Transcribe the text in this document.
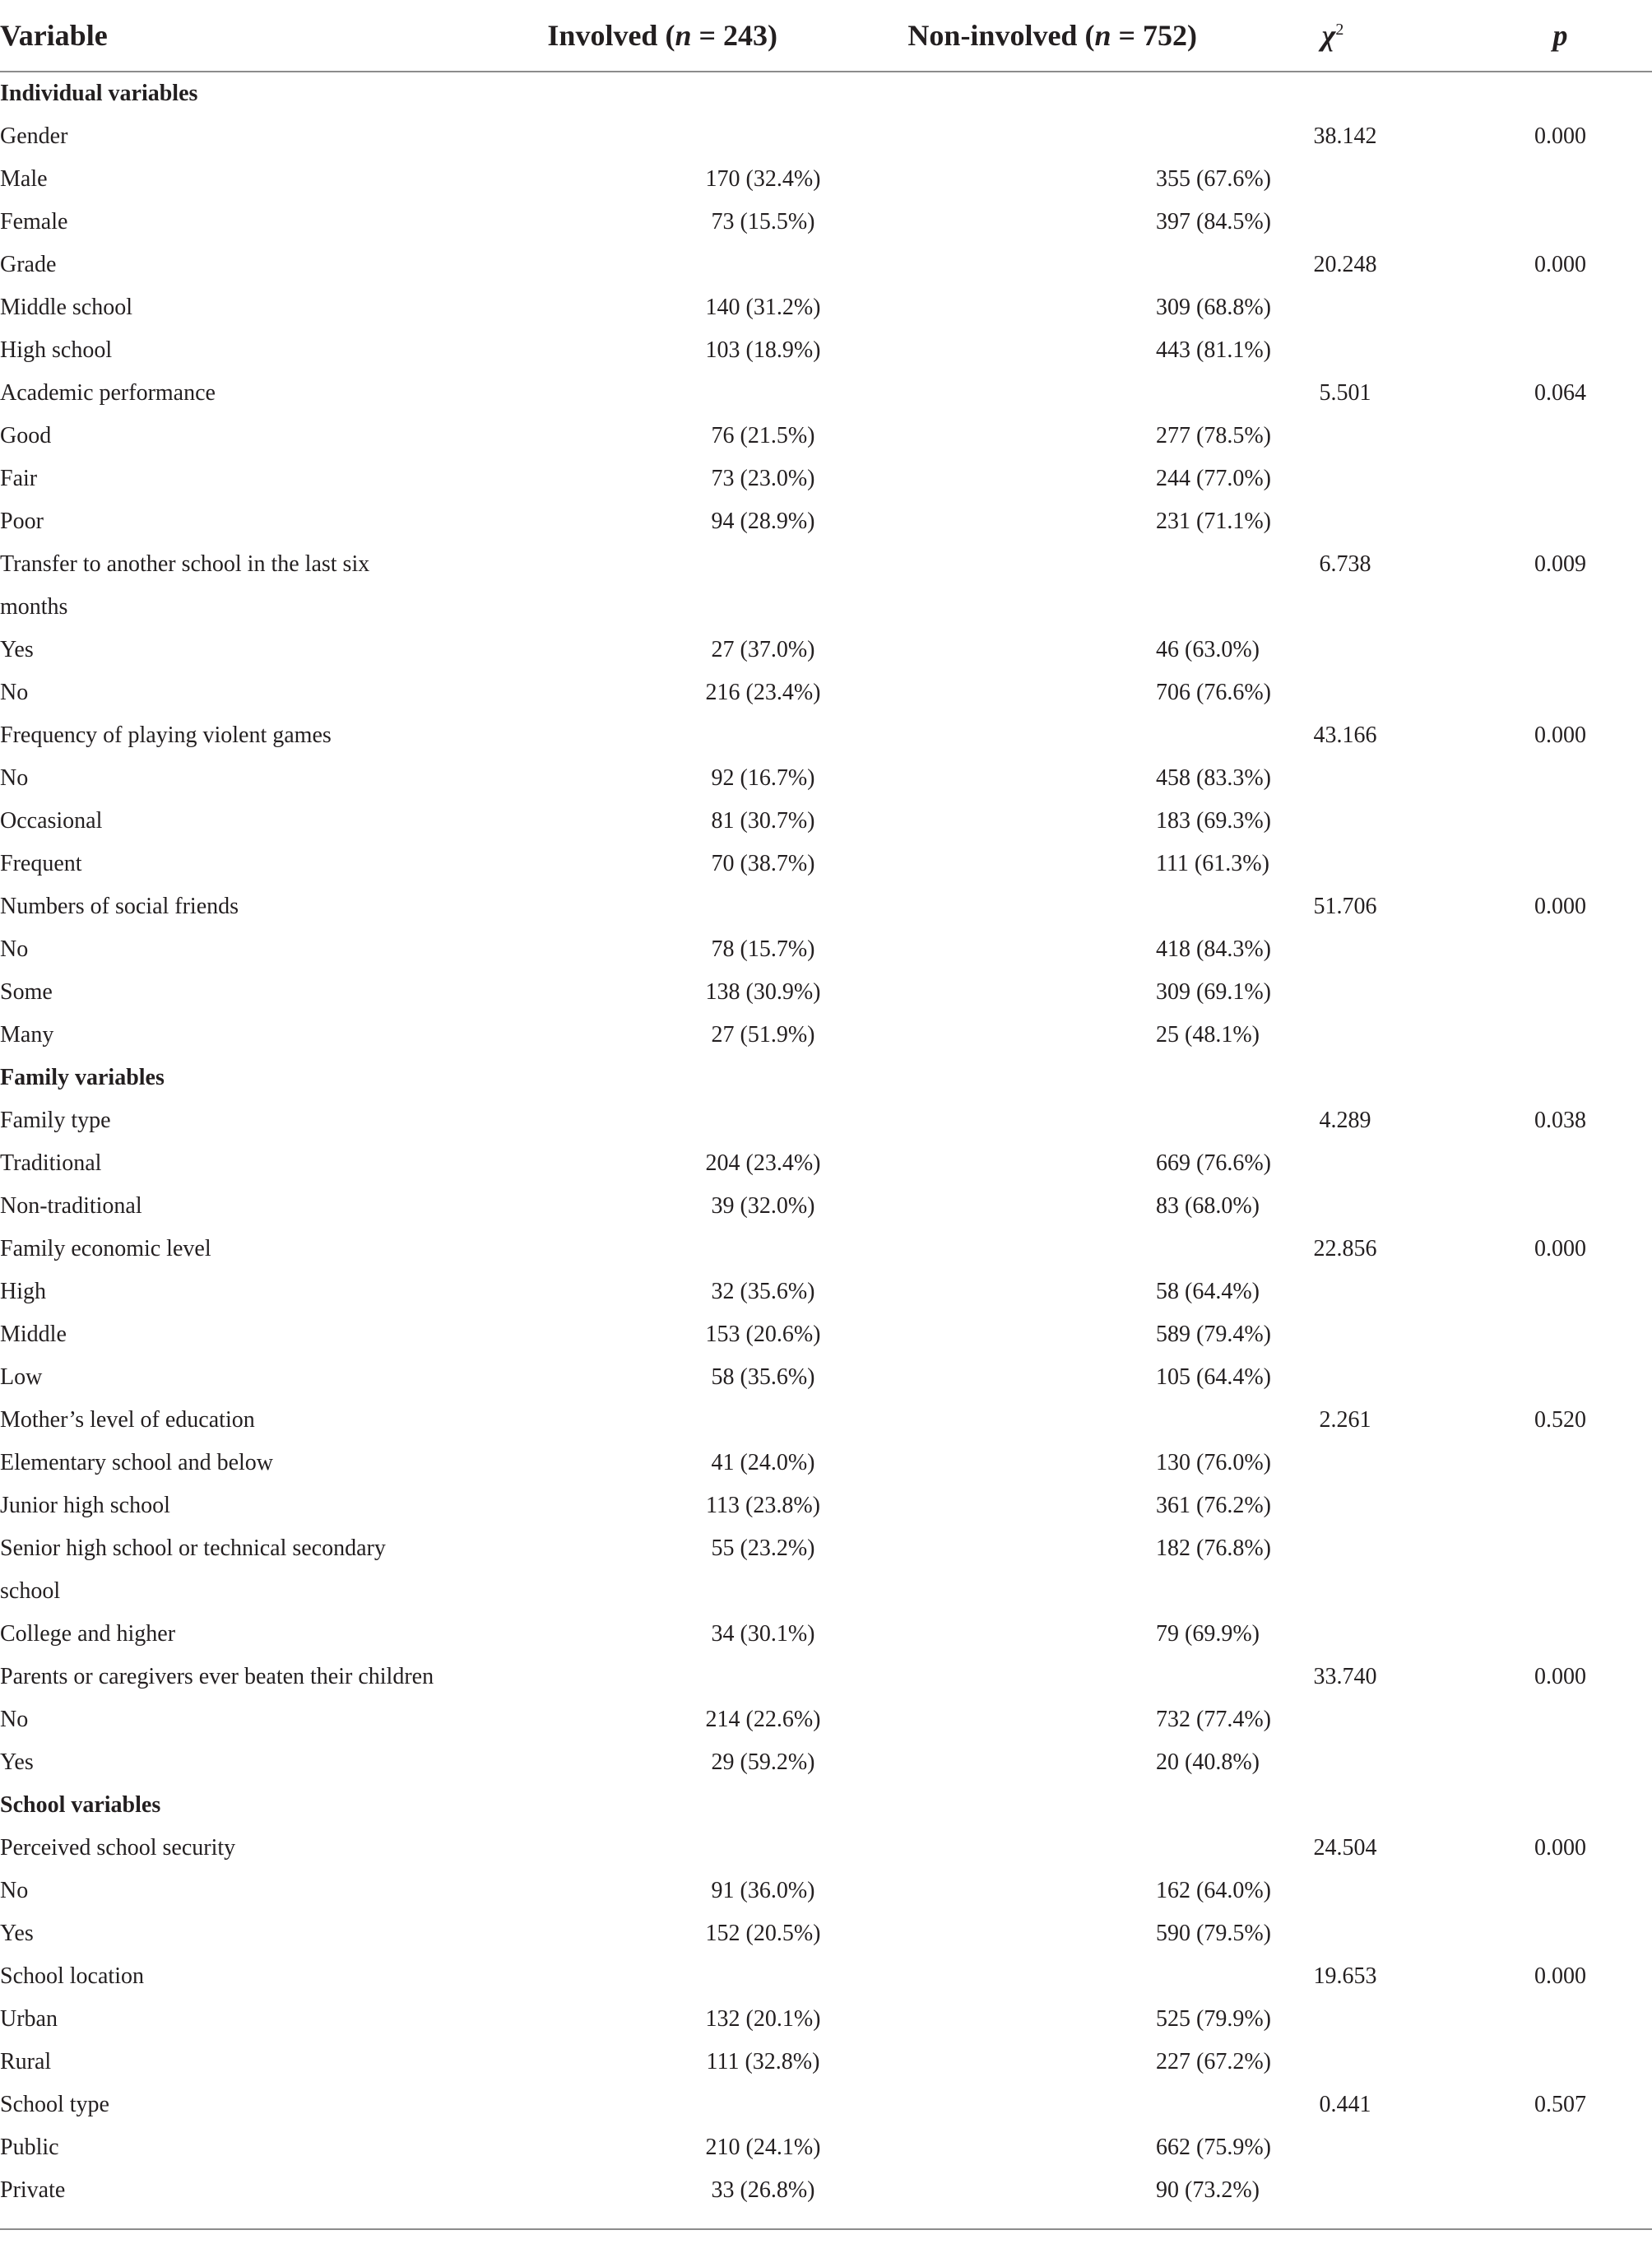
Variable	Involved (n = 243)	Non-involved (n = 752)	$\chi^2$	p
Individual variables				
Gender			38.142	0.000
Male	170 (32.4%)	355 (67.6%)		
Female	73 (15.5%)	397 (84.5%)		
Grade			20.248	0.000
Middle school	140 (31.2%)	309 (68.8%)		
High school	103 (18.9%)	443 (81.1%)		
Academic performance			5.501	0.064
Good	76 (21.5%)	277 (78.5%)		
Fair	73 (23.0%)	244 (77.0%)		
Poor	94 (28.9%)	231 (71.1%)		
Transfer to another school in the last six			6.738	0.009
months				
Yes	27 (37.0%)	46 (63.0%)		
No	216 (23.4%)	706 (76.6%)		
Frequency of playing violent games			43.166	0.000
No	92 (16.7%)	458 (83.3%)		
Occasional	81 (30.7%)	183 (69.3%)		
Frequent	70 (38.7%)	111 (61.3%)		
Numbers of social friends			51.706	0.000
No	78 (15.7%)	418 (84.3%)		
Some	138 (30.9%)	309 (69.1%)		
Many	27 (51.9%)	25 (48.1%)		
Family variables				
Family type			4.289	0.038
Traditional	204 (23.4%)	669 (76.6%)		
Non-traditional	39 (32.0%)	83 (68.0%)		
Family economic level			22.856	0.000
High	32 (35.6%)	58 (64.4%)		
Middle	153 (20.6%)	589 (79.4%)		
Low	58 (35.6%)	105 (64.4%)		
Mother’s level of education			2.261	0.520
Elementary school and below	41 (24.0%)	130 (76.0%)		
Junior high school	113 (23.8%)	361 (76.2%)		
Senior high school or technical secondary	55 (23.2%)	182 (76.8%)		
school				
College and higher	34 (30.1%)	79 (69.9%)		
Parents or caregivers ever beaten their children			33.740	0.000
No	214 (22.6%)	732 (77.4%)		
Yes	29 (59.2%)	20 (40.8%)		
School variables				
Perceived school security			24.504	0.000
No	91 (36.0%)	162 (64.0%)		
Yes	152 (20.5%)	590 (79.5%)		
School location			19.653	0.000
Urban	132 (20.1%)	525 (79.9%)		
Rural	111 (32.8%)	227 (67.2%)		
School type			0.441	0.507
Public	210 (24.1%)	662 (75.9%)		
Private	33 (26.8%)	90 (73.2%)		
